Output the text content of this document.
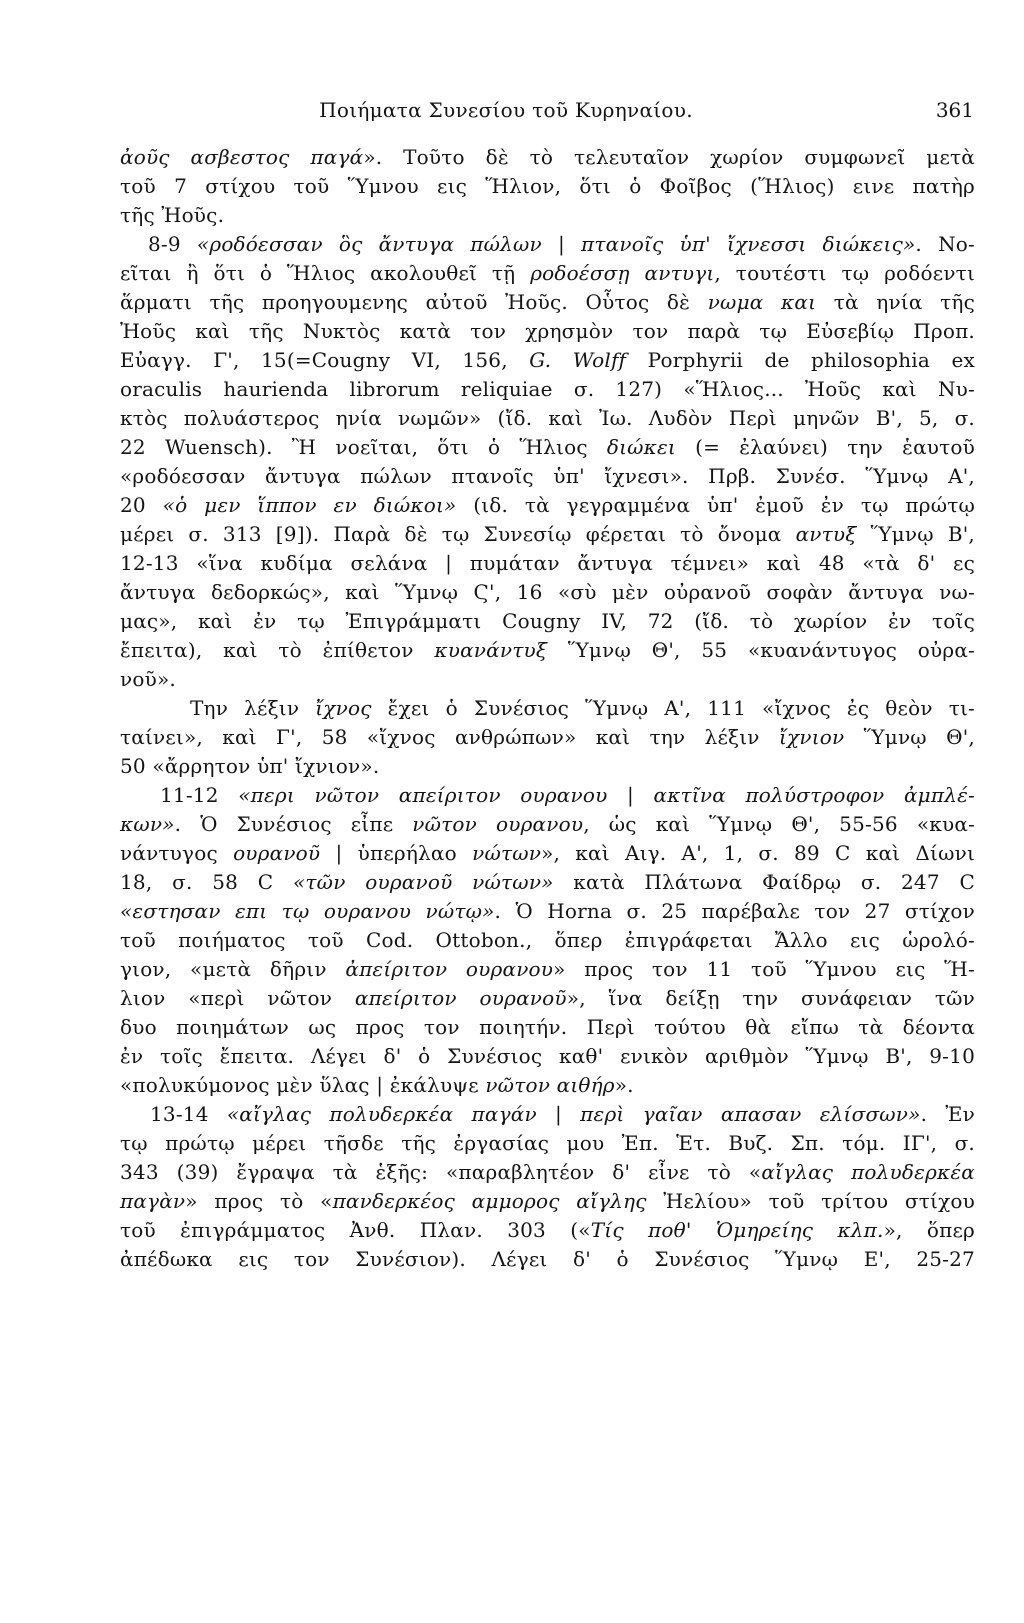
Ποιήματα Συνεσίου τοῦ Κυρηναίου.	361
ἀοῦς ασβεστος παγά». Τοῦτο δὲ τὸ τελευταῖον χωρίον συμφωνεῖ μετὰ
τοῦ 7 στίχου τοῦ Ὕμνου εις Ἥλιον, ὅτι ὁ Φοῖβος (Ἥλιος) εινε πατὴρ
τῆς Ἠοῦς.
8-9 «ροδόεσσαν ὃς ἄντυγα πώλων | πτανοῖς ὑπ' ἴχνεσσι διώκεις». Νο-
εῖται ἢ ὅτι ὁ Ἥλιος ακολουθεῖ τῇ ροδοέσσῃ αντυγι, τουτέστι τῳ ροδόεντι
ἅρματι τῆς προηγουμενης αὐτοῦ Ἠοῦς. Οὗτος δὲ νωμα και τὰ ηνία τῆς
Ἠοῦς καὶ τῆς Νυκτὸς κατὰ τον χρησμὸν τον παρὰ τῳ Εὐσεβίῳ Προπ.
Εὐαγγ. Γ', 15(=Cougny VI, 156, G. Wolff Porphyrii de philosophia ex
oraculis haurienda librorum reliquiae σ. 127) «Ἥλιος... Ἠοῦς καὶ Νυ-
κτὸς πολυάστερος ηνία νωμῶν» (ἴδ. καὶ Ἰω. Λυδὸν Περὶ μηνῶν Β', 5, σ.
22 Wuensch). Ἢ νοεῖται, ὅτι ὁ Ἥλιος διώκει (= ἐλαύνει) την ἑαυτοῦ
«ροδόεσσαν ἄντυγα πώλων πτανοῖς ὑπ' ἴχνεσι». Πρβ. Συνέσ. Ὕμνῳ Α',
20 «ὁ μεν ἵππον εν διώκοι» (ιδ. τὰ γεγραμμένα ὑπ' ἐμοῦ ἐν τῳ πρώτῳ
μέρει σ. 313 [9]). Παρὰ δὲ τῳ Συνεσίῳ φέρεται τὸ ὄνομα αντυξ Ὕμνῳ Β',
12-13 «ἵνα κυδίμα σελάνα | πυμάταν ἄντυγα τέμνει» καὶ 48 «τὰ δ' ες
ἄντυγα δεδορκώς», καὶ Ὕμνῳ Ϛ', 16 «σὺ μὲν οὐρανοῦ σοφὰν ἄντυγα νω-
μας», καὶ ἐν τῳ Ἐπιγράμματι Cougny IV, 72 (ἴδ. τὸ χωρίον ἐν τοῖς
ἔπειτα), καὶ τὸ ἐπίθετον κυανάντυξ Ὕμνῳ Θ', 55 «κυανάντυγος οὐρα-
νοῦ».
Την λέξιν ἴχνος ἔχει ὁ Συνέσιος Ὕμνῳ Α', 111 «ἴχνος ἐς θεὸν τι-
ταίνει», καὶ Γ', 58 «ἴχνος ανθρώπων» καὶ την λέξιν ἴχνιον Ὕμνῳ Θ',
50 «ἄρρητον ὑπ' ἴχνιον».
11-12 «περι νῶτον απείριτον ουρανου | ακτῖνα πολύστροφον ἀμπλέ-
κων». Ὁ Συνέσιος εἶπε νῶτον ουρανου, ὡς καὶ Ὕμνῳ Θ', 55-56 «κυα-
νάντυγος ουρανοῦ | ὑπερήλαο νώτων», καὶ Αιγ. Α', 1, σ. 89 C καὶ Δίωνι
18, σ. 58 C «τῶν ουρανοῦ νώτων» κατὰ Πλάτωνα Φαίδρῳ σ. 247 C
«εστησαν επι τῳ ουρανου νώτῳ». Ὁ Horna σ. 25 παρέβαλε τον 27 στίχον
τοῦ ποιήματος τοῦ Cod. Ottobon., ὅπερ ἐπιγράφεται Ἄλλο εις ὡρολό-
γιον, «μετὰ δῆριν ἀπείριτον ουρανου» προς τον 11 τοῦ Ὕμνου εις Ἥ-
λιον «περὶ νῶτον απείριτον ουρανοῦ», ἵνα δείξῃ την συνάφειαν τῶν
δυο ποιημάτων ως προς τον ποιητήν. Περὶ τούτου θὰ εἴπω τὰ δέοντα
ἐν τοῖς ἔπειτα. Λέγει δ' ὁ Συνέσιος καθ' ενικὸν αριθμὸν Ὕμνῳ Β', 9-10
«πολυκύμονος μὲν ὕλας | ἐκάλυψε νῶτον αιθήρ».
13-14 «αἴγλας πολυδερκέα παγάν | περὶ γαῖαν απασαν ελίσσων». Ἐν
τῳ πρώτῳ μέρει τῆσδε τῆς ἐργασίας μου Ἐπ. Ἑτ. Βυζ. Σπ. τόμ. ΙΓ', σ.
343 (39) ἔγραψα τὰ ἑξῆς: «παραβλητέον δ' εἶνε τὸ «αἴγλας πολυδερκέα
παγὰν» προς τὸ «πανδερκέος αμμορος αἴγλης Ἠελίου» τοῦ τρίτου στίχου
τοῦ ἐπιγράμματος Ἀνθ. Πλαν. 303 («Τίς ποθ' Ὁμηρείης κλπ.», ὅπερ
ἀπέδωκα εις τον Συνέσιον). Λέγει δ' ὁ Συνέσιος Ὕμνῳ Ε', 25-27
